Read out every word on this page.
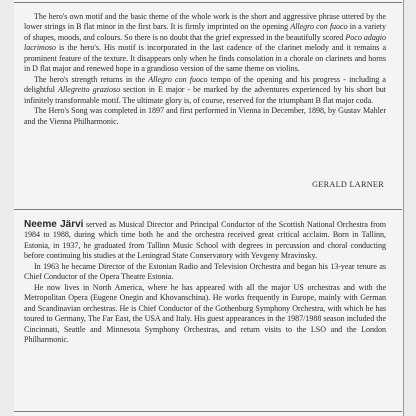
The hero's own motif and the basic theme of the whole work is the short and aggressive phrase uttered by the lower strings in B flat minor in the first bars. It is firmly imprinted on the opening Allegro con fuoco in a variety of shapes, moods, and colours. So there is no doubt that the grief expressed in the beautifully scored Poco adagio lacrimoso is the hero's. His motif is incorporated in the last cadence of the clarinet melody and it remains a prominent feature of the texture. It disappears only when he finds consolation in a chorale on clarinets and horns in D flat major and renewed hope in a grandioso version of the same theme on violins.

The hero's strength returns in the Allegro con fuoco tempo of the opening and his progress - including a delightful Allegretto grazioso section in E major - be marked by the adventures experienced by his short but infinitely transformable motif. The ultimate glory is, of course, reserved for the triumphant B flat major coda.

The Hero's Song was completed in 1897 and first performed in Vienna in December, 1898, by Gustav Mahler and the Vienna Philharmonic.

GERALD LARNER

Neeme Järvi served as Musical Director and Principal Conductor of the Scottish National Orchestra from 1984 to 1988, during which time both he and the orchestra received great critical acclaim. Born in Tallinn, Estonia, in 1937, he graduated from Tallinn Music School with degrees in percussion and choral conducting before continuing his studies at the Leningrad State Conservatory with Yevgeny Mravinsky.

In 1963 he became Director of the Estonian Radio and Television Orchestra and began his 13-year tenure as Chief Conductor of the Opera Theatre Estonia.

He now lives in North America, where he has appeared with all the major US orchestras and with the Metropolitan Opera (Eugene Onegin and Khovanschina). He works frequently in Europe, mainly with German and Scandinavian orchestras. He is Chief Conductor of the Gothenburg Symphony Orchestra, with which he has toured to Germany, The Far East, the USA and Italy. His guest appearances in the 1987/1988 season included the Cincinnati, Seattle and Minnesota Symphony Orchestras, and return visits to the LSO and the London Philharmonic.
